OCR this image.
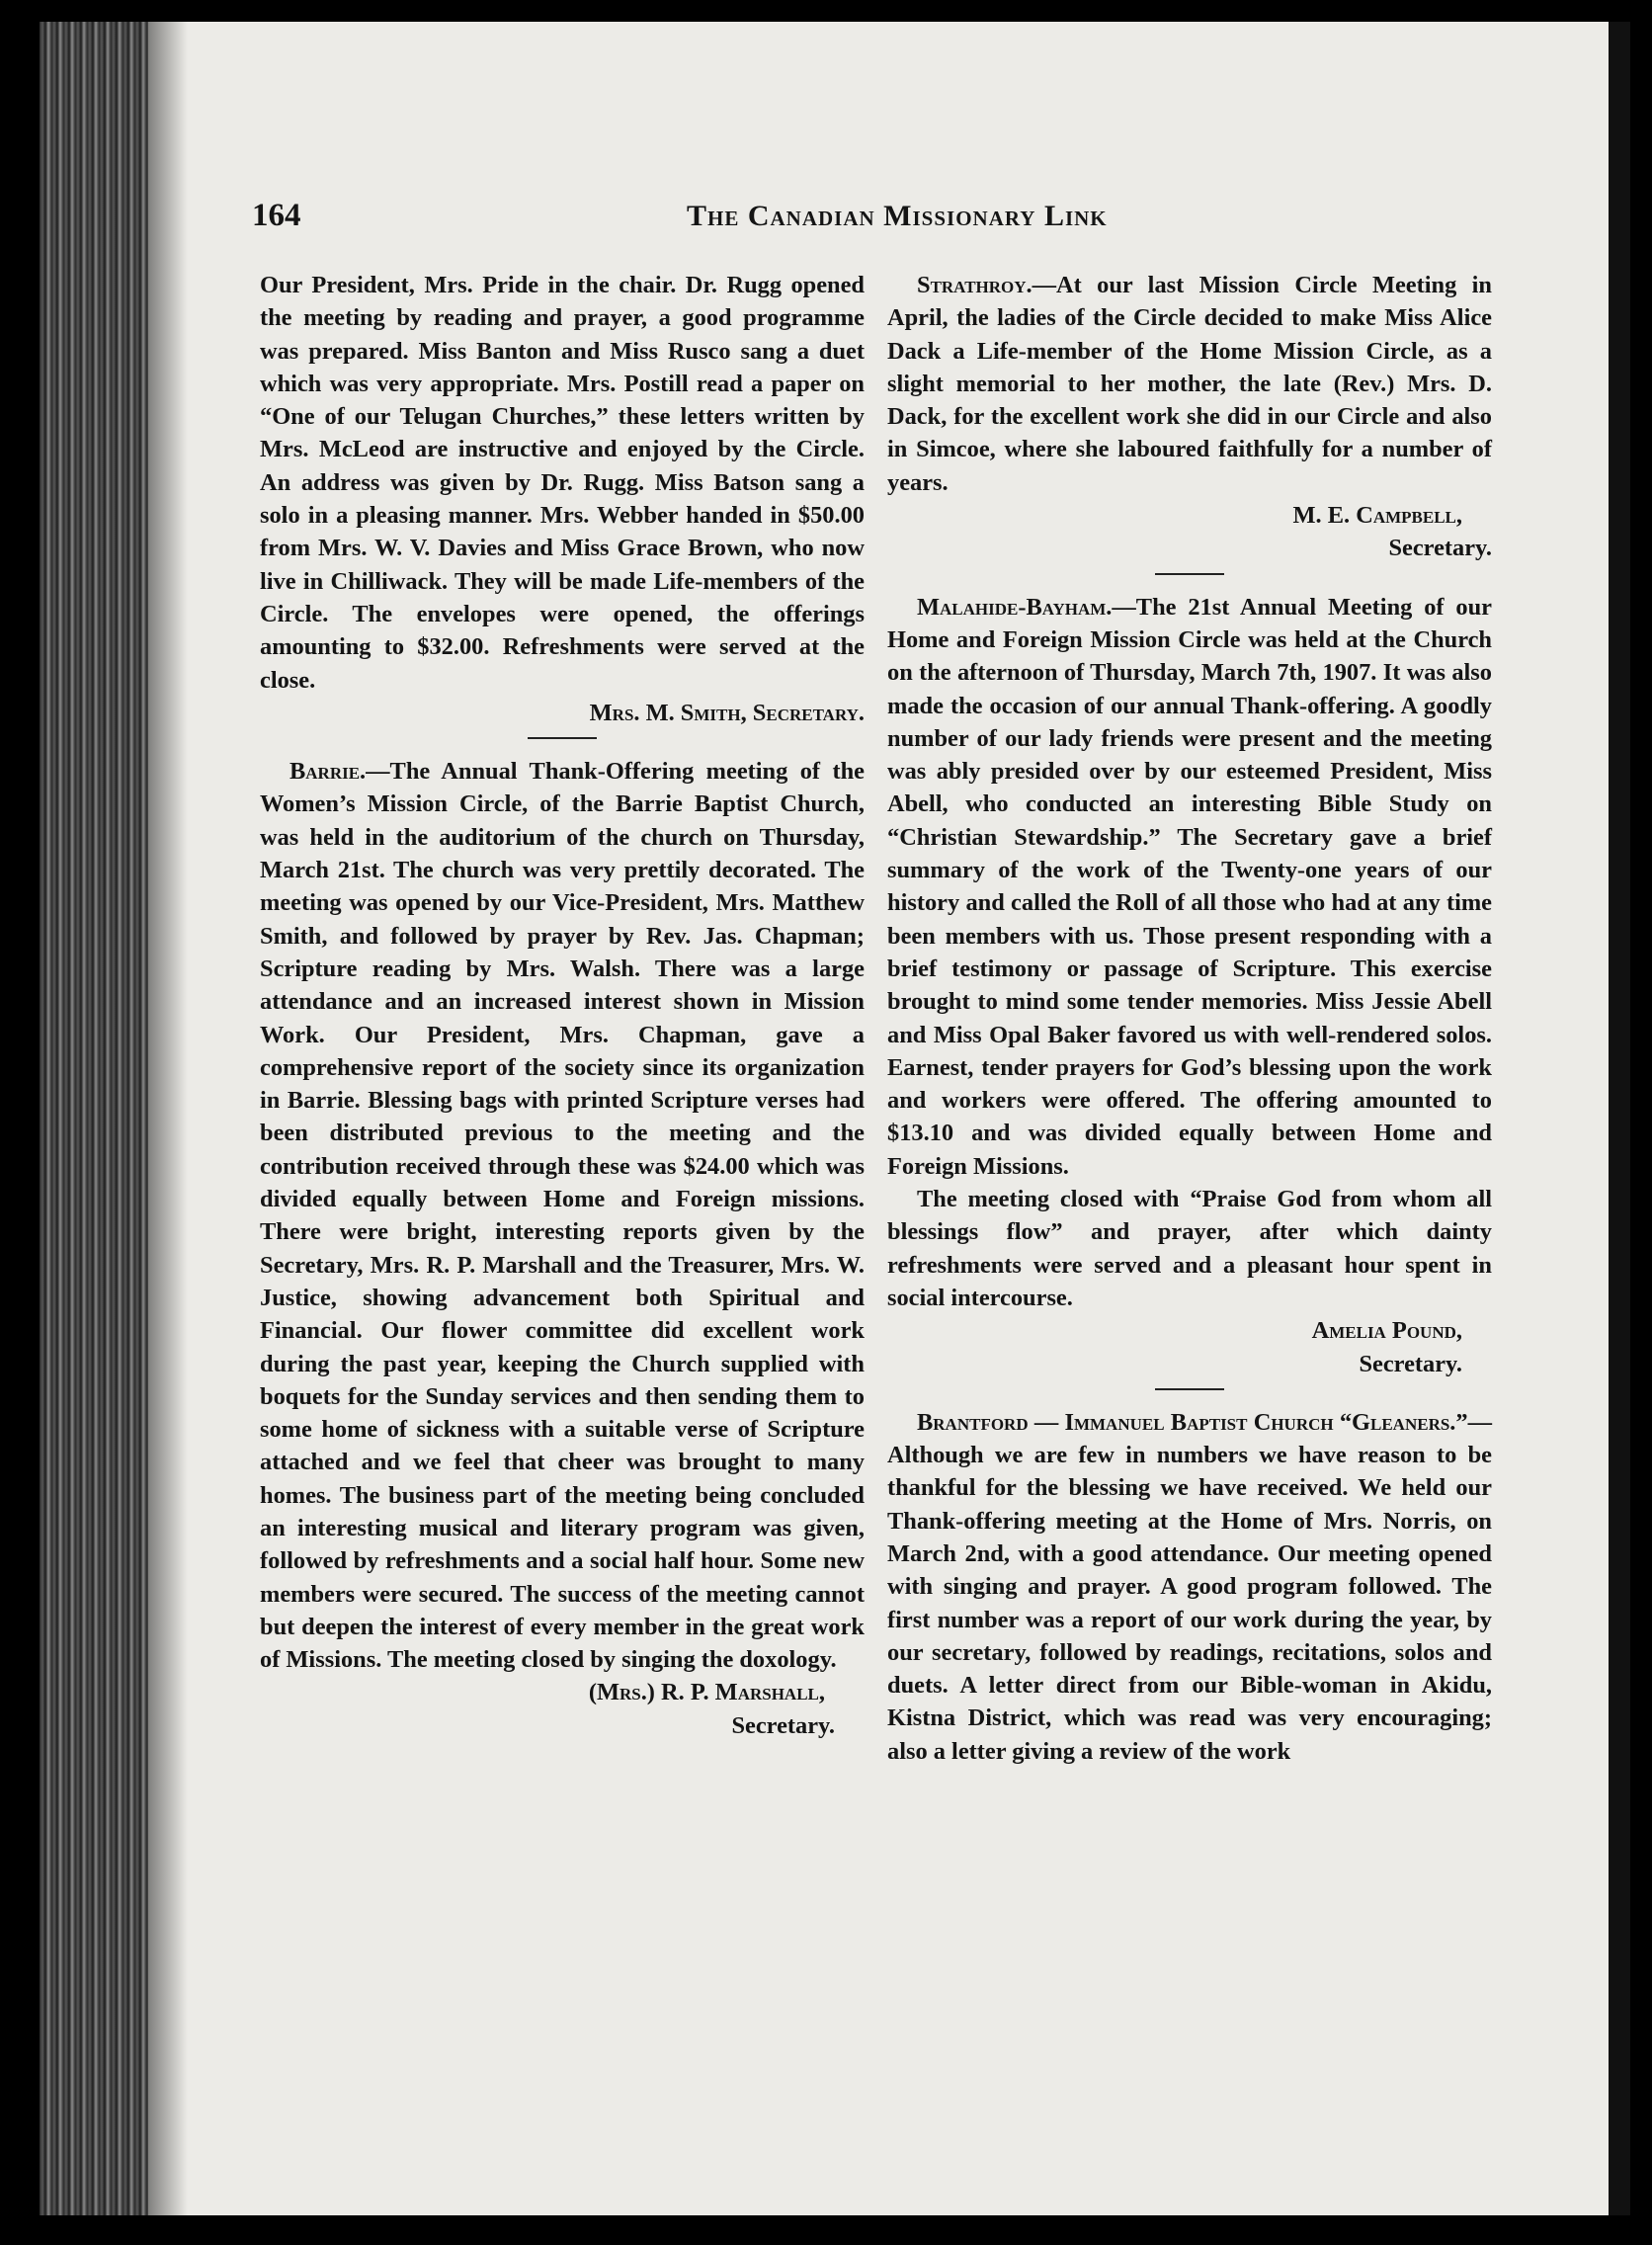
164	The Canadian Missionary Link

Our President, Mrs. Pride in the chair. Dr. Rugg opened the meeting by reading and prayer, a good programme was prepared. Miss Banton and Miss Rusco sang a duet which was very appropriate. Mrs. Postill read a paper on “One of our Telugan Churches,” these letters written by Mrs. McLeod are instructive and enjoyed by the Circle. An address was given by Dr. Rugg. Miss Batson sang a solo in a pleasing manner. Mrs. Webber handed in $50.00 from Mrs. W. V. Davies and Miss Grace Brown, who now live in Chilliwack. They will be made Life-members of the Circle. The envelopes were opened, the offerings amounting to $32.00. Refreshments were served at the close.

Mrs. M. Smith, Secretary.

Barrie.—The Annual Thank-Offering meeting of the Women’s Mission Circle, of the Barrie Baptist Church, was held in the auditorium of the church on Thursday, March 21st. The church was very prettily decorated. The meeting was opened by our Vice-President, Mrs. Matthew Smith, and followed by prayer by Rev. Jas. Chapman; Scripture reading by Mrs. Walsh. There was a large attendance and an increased interest shown in Mission Work. Our President, Mrs. Chapman, gave a comprehensive report of the society since its organization in Barrie. Blessing bags with printed Scripture verses had been distributed previous to the meeting and the contribution received through these was $24.00 which was divided equally between Home and Foreign missions. There were bright, interesting reports given by the Secretary, Mrs. R. P. Marshall and the Treasurer, Mrs. W. Justice, showing advancement both Spiritual and Financial. Our flower committee did excellent work during the past year, keeping the Church supplied with boquets for the Sunday services and then sending them to some home of sickness with a suitable verse of Scripture attached and we feel that cheer was brought to many homes. The business part of the meeting being concluded an interesting musical and literary program was given, followed by refreshments and a social half hour. Some new members were secured. The success of the meeting cannot but deepen the interest of every member in the great work of Missions. The meeting closed by singing the doxology.

(Mrs.) R. P. Marshall,

Secretary.

Strathroy.—At our last Mission Circle Meeting in April, the ladies of the Circle decided to make Miss Alice Dack a Life-member of the Home Mission Circle, as a slight memorial to her mother, the late (Rev.) Mrs. D. Dack, for the excellent work she did in our Circle and also in Simcoe, where she laboured faithfully for a number of years.

M. E. Campbell,

Secretary.

Malahide-Bayham.—The 21st Annual Meeting of our Home and Foreign Mission Circle was held at the Church on the afternoon of Thursday, March 7th, 1907. It was also made the occasion of our annual Thank-offering. A goodly number of our lady friends were present and the meeting was ably presided over by our esteemed President, Miss Abell, who conducted an interesting Bible Study on “Christian Stewardship.” The Secretary gave a brief summary of the work of the Twenty-one years of our history and called the Roll of all those who had at any time been members with us. Those present responding with a brief testimony or passage of Scripture. This exercise brought to mind some tender memories. Miss Jessie Abell and Miss Opal Baker favored us with well-rendered solos. Earnest, tender prayers for God’s blessing upon the work and workers were offered. The offering amounted to $13.10 and was divided equally between Home and Foreign Missions.

The meeting closed with “Praise God from whom all blessings flow” and prayer, after which dainty refreshments were served and a pleasant hour spent in social intercourse.

Amelia Pound,

Secretary.

Brantford — Immanuel Baptist Church “Gleaners.”—Although we are few in numbers we have reason to be thankful for the blessing we have received. We held our Thank-offering meeting at the Home of Mrs. Norris, on March 2nd, with a good attendance. Our meeting opened with singing and prayer. A good program followed. The first number was a report of our work during the year, by our secretary, followed by readings, recitations, solos and duets. A letter direct from our Bible-woman in Akidu, Kistna District, which was read was very encouraging; also a letter giving a review of the work
